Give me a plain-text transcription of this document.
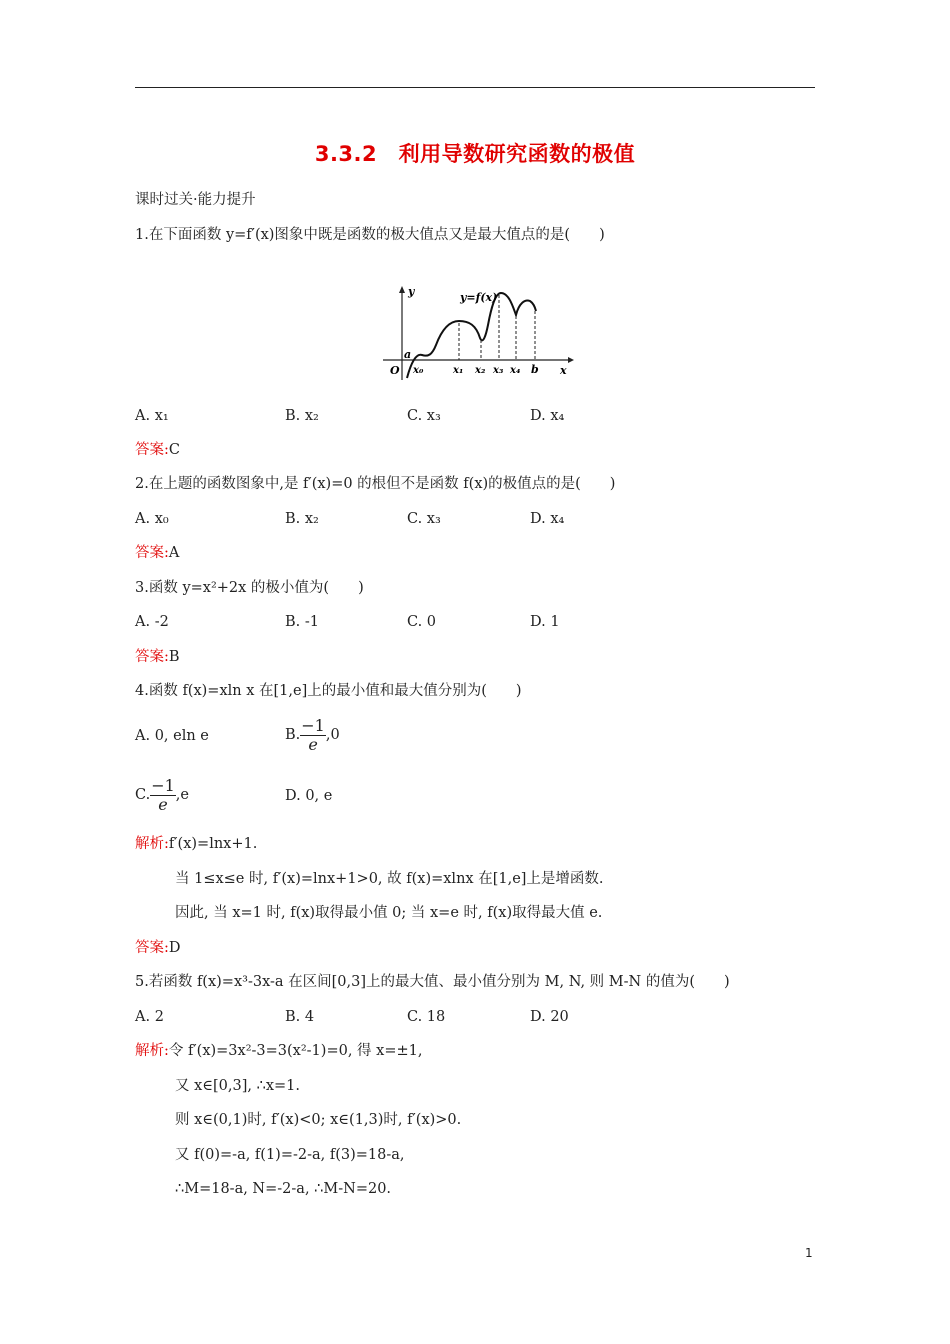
3.3.2　利用导数研究函数的极值
课时过关·能力提升
1.在下面函数 y=f′(x)图象中既是函数的极大值点又是最大值点的是(　　)
y	y=f(x)
x
O
a
x₀	x₁ x₂ x₃ x₄ b
A. x₁	B. x₂	C. x₃	D. x₄
答案:C
2.在上题的函数图象中,是 f′(x)=0 的根但不是函数 f(x)的极值点的是(　　)
A. x₀	B. x₂	C. x₃	D. x₄
答案:A
3.函数 y=x²+2x 的极小值为(　　)
A. -2	B. -1	C. 0	D. 1
答案:B
4.函数 f(x)=xln x 在[1,e]上的最小值和最大值分别为(　　)
A. 0, eln e	B. $\frac{-1}{e} ,0$
C. $\frac{-1}{e} ,e$	D. 0, e
解析:f′(x)=lnx+1.
当 1≤x≤e 时, f′(x)=lnx+1>0, 故 f(x)=xlnx 在[1,e]上是增函数.
因此, 当 x=1 时, f(x)取得最小值 0; 当 x=e 时, f(x)取得最大值 e.
答案:D
5.若函数 f(x)=x³-3x-a 在区间[0,3]上的最大值、最小值分别为 M, N, 则 M-N 的值为(　　)
A. 2	B. 4	C. 18	D. 20
解析:令 f′(x)=3x²-3=3(x²-1)=0, 得 x=±1,
又 x∈[0,3], ∴x=1.
则 x∈(0,1)时, f′(x)<0; x∈(1,3)时, f′(x)>0.
又 f(0)=-a, f(1)=-2-a, f(3)=18-a,
∴M=18-a, N=-2-a, ∴M-N=20.
1
